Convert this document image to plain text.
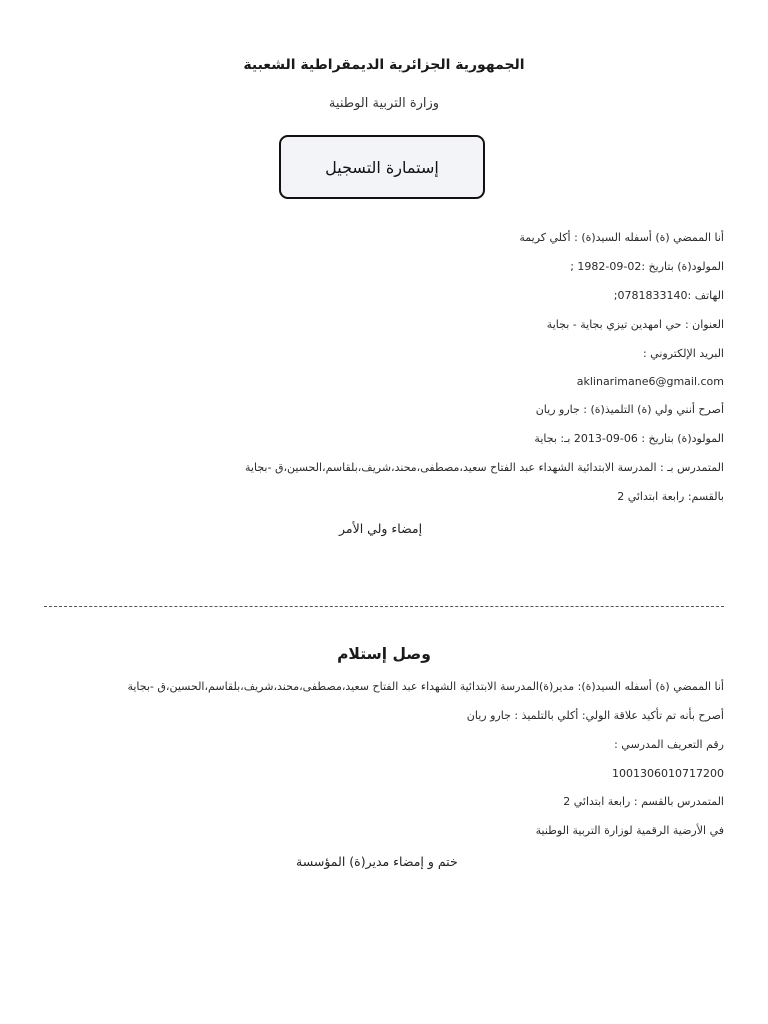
الجمهورية الجزائرية الديمقراطية الشعبية
وزارة التربية الوطنية
إستمارة التسجيل
أنا الممضي (ة) أسفله السيد(ة) : أكلي كريمة
المولود(ة) بتاريخ :02-09-1982 ;
الهاتف :0781833140;
العنوان : حي امهدين تيزي بجاية - بجاية
البريد الإلكتروني :
aklinarimane6@gmail.com
أصرح أنني ولي (ة) التلميذ(ة) : جارو ريان
المولود(ة) بتاريخ : 06-09-2013 بـ: بجاية
المتمدرس بـ : المدرسة الابتدائية الشهداء عبد الفتاح سعيد،مصطفى،محند،شريف،بلقاسم،الحسين،ق -بجاية
بالقسم: رابعة ابتدائي 2
إمضاء ولي الأمر
وصل إستلام
أنا الممضي (ة) أسفله السيد(ة): مدير(ة)المدرسة الابتدائية الشهداء عبد الفتاح سعيد،مصطفى،محند،شريف،بلقاسم،الحسين،ق -بجاية
أصرح بأنه تم تأكيد علاقة الولي: أكلي بالتلميذ : جارو ريان
رقم التعريف المدرسي :
1001306010717200
المتمدرس بالقسم : رابعة ابتدائي 2
في الأرضية الرقمية لوزارة التربية الوطنية
ختم و إمضاء مدير(ة) المؤسسة
